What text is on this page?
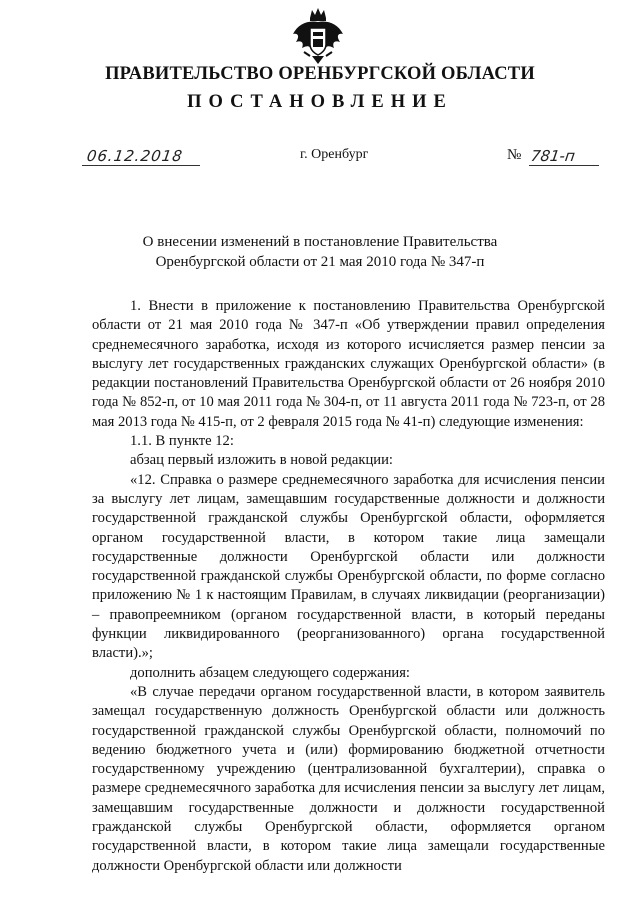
ПРАВИТЕЛЬСТВО ОРЕНБУРГСКОЙ ОБЛАСТИ
ПОСТАНОВЛЕНИЕ
06.12.2018	г. Оренбург	№ 781-п
О внесении изменений в постановление Правительства
Оренбургской области от 21 мая 2010 года № 347-п

1. Внести в приложение к постановлению Правительства Оренбургской области от 21 мая 2010 года № 347-п «Об утверждении правил определения среднемесячного заработка, исходя из которого исчисляется размер пенсии за выслугу лет государственных гражданских служащих Оренбургской области» (в редакции постановлений Правительства Оренбургской области от 26 ноября 2010 года № 852-п, от 10 мая 2011 года № 304-п, от 11 августа 2011 года № 723-п, от 28 мая 2013 года № 415-п, от 2 февраля 2015 года № 41-п) следующие изменения:

1.1. В пункте 12:

абзац первый изложить в новой редакции:

«12. Справка о размере среднемесячного заработка для исчисления пенсии за выслугу лет лицам, замещавшим государственные должности и должности государственной гражданской службы Оренбургской области, оформляется органом государственной власти, в котором такие лица замещали государственные должности Оренбургской области или должности государственной гражданской службы Оренбургской области, по форме согласно приложению № 1 к настоящим Правилам, в случаях ликвидации (реорганизации) – правопреемником (органом государственной власти, в который переданы функции ликвидированного (реорганизованного) органа государственной власти).»;

дополнить абзацем следующего содержания:

«В случае передачи органом государственной власти, в котором заявитель замещал государственную должность Оренбургской области или должность государственной гражданской службы Оренбургской области, полномочий по ведению бюджетного учета и (или) формированию бюджетной отчетности государственному учреждению (централизованной бухгалтерии), справка о размере среднемесячного заработка для исчисления пенсии за выслугу лет лицам, замещавшим государственные должности и должности государственной гражданской службы Оренбургской области, оформляется органом государственной власти, в котором такие лица замещали государственные должности Оренбургской области или должности
